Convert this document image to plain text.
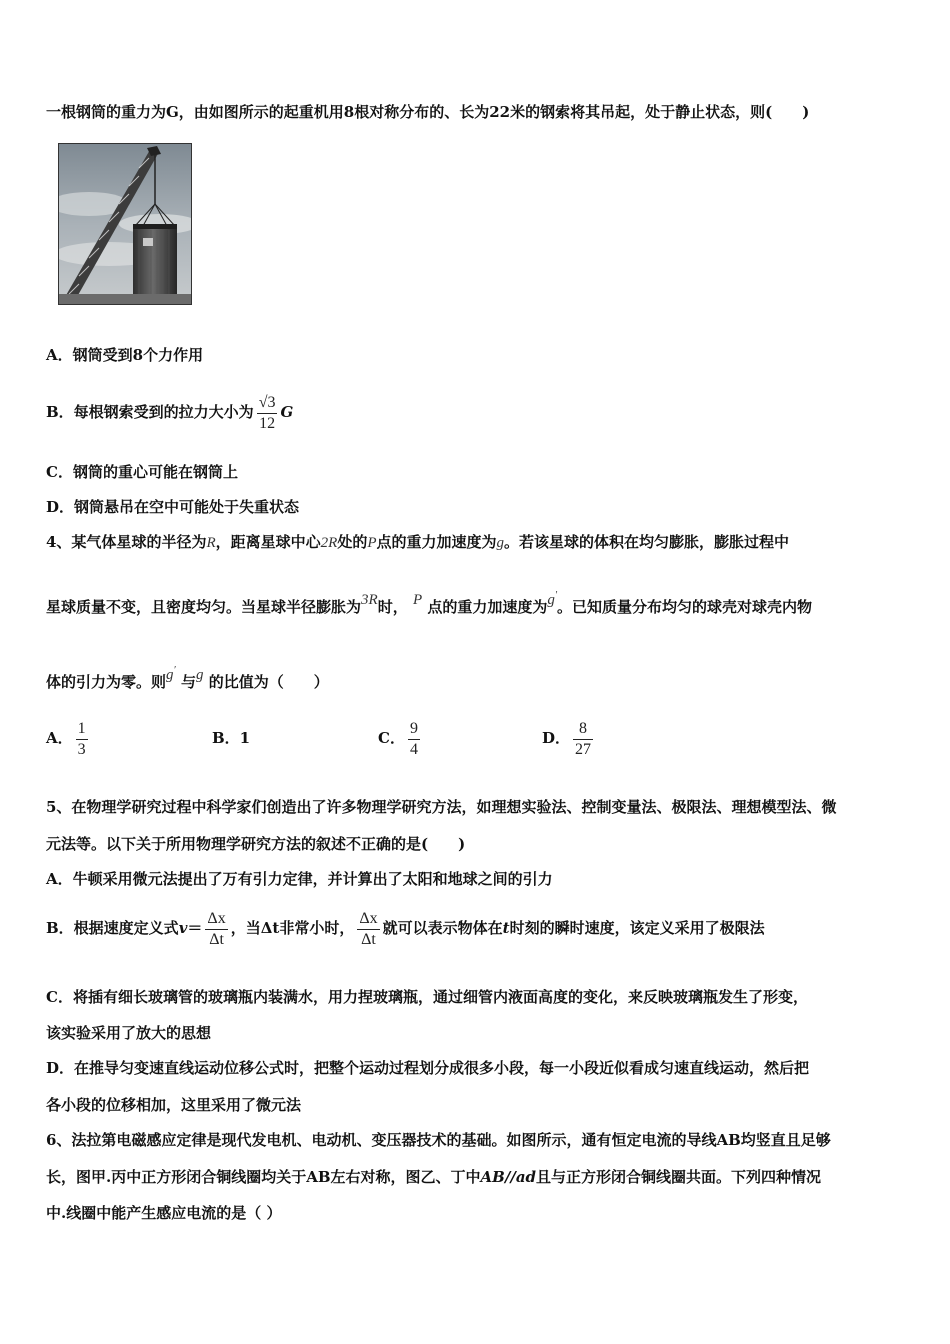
一根钢筒的重力为G，由如图所示的起重机用8根对称分布的、长为22米的钢索将其吊起，处于静止状态，则(　　)
A．钢筒受到8个力作用
B．每根钢索受到的拉力大小为 $\frac{√3}{12}$ G
C．钢筒的重心可能在钢筒上
D．钢筒悬吊在空中可能处于失重状态
4、某气体星球的半径为R，距离星球中心2R处的P点的重力加速度为g。若该星球的体积在均匀膨胀，膨胀过程中
星球质量不变，且密度均匀。当星球半径膨胀为3R时， P 点的重力加速度为g′。已知质量分布均匀的球壳对球壳内物
体的引力为零。则g′ 与g 的比值为（　　）
A． $\frac{1}{3}$	B．1	C． $\frac{9}{4}$	D． $\frac{8}{27}$
5、在物理学研究过程中科学家们创造出了许多物理学研究方法，如理想实验法、控制变量法、极限法、理想模型法、微
元法等。以下关于所用物理学研究方法的叙述不正确的是(　　)
A．牛顿采用微元法提出了万有引力定律，并计算出了太阳和地球之间的引力
B．根据速度定义式$v= \frac{\Delta x}{\Delta t}$ ，当Δt非常小时， $\frac{\Delta x}{\Delta t}$ 就可以表示物体在t时刻的瞬时速度，该定义采用了极限法
C．将插有细长玻璃管的玻璃瓶内装满水，用力捏玻璃瓶，通过细管内液面高度的变化，来反映玻璃瓶发生了形变，
该实验采用了放大的思想
D．在推导匀变速直线运动位移公式时，把整个运动过程划分成很多小段，每一小段近似看成匀速直线运动，然后把
各小段的位移相加，这里采用了微元法
6、法拉第电磁感应定律是现代发电机、电动机、变压器技术的基础。如图所示，通有恒定电流的导线AB均竖直且足够
长，图甲.丙中正方形闭合铜线圈均关于AB左右对称，图乙、丁中AB//ad且与正方形闭合铜线圈共面。下列四种情况
中.线圈中能产生感应电流的是（ ）
